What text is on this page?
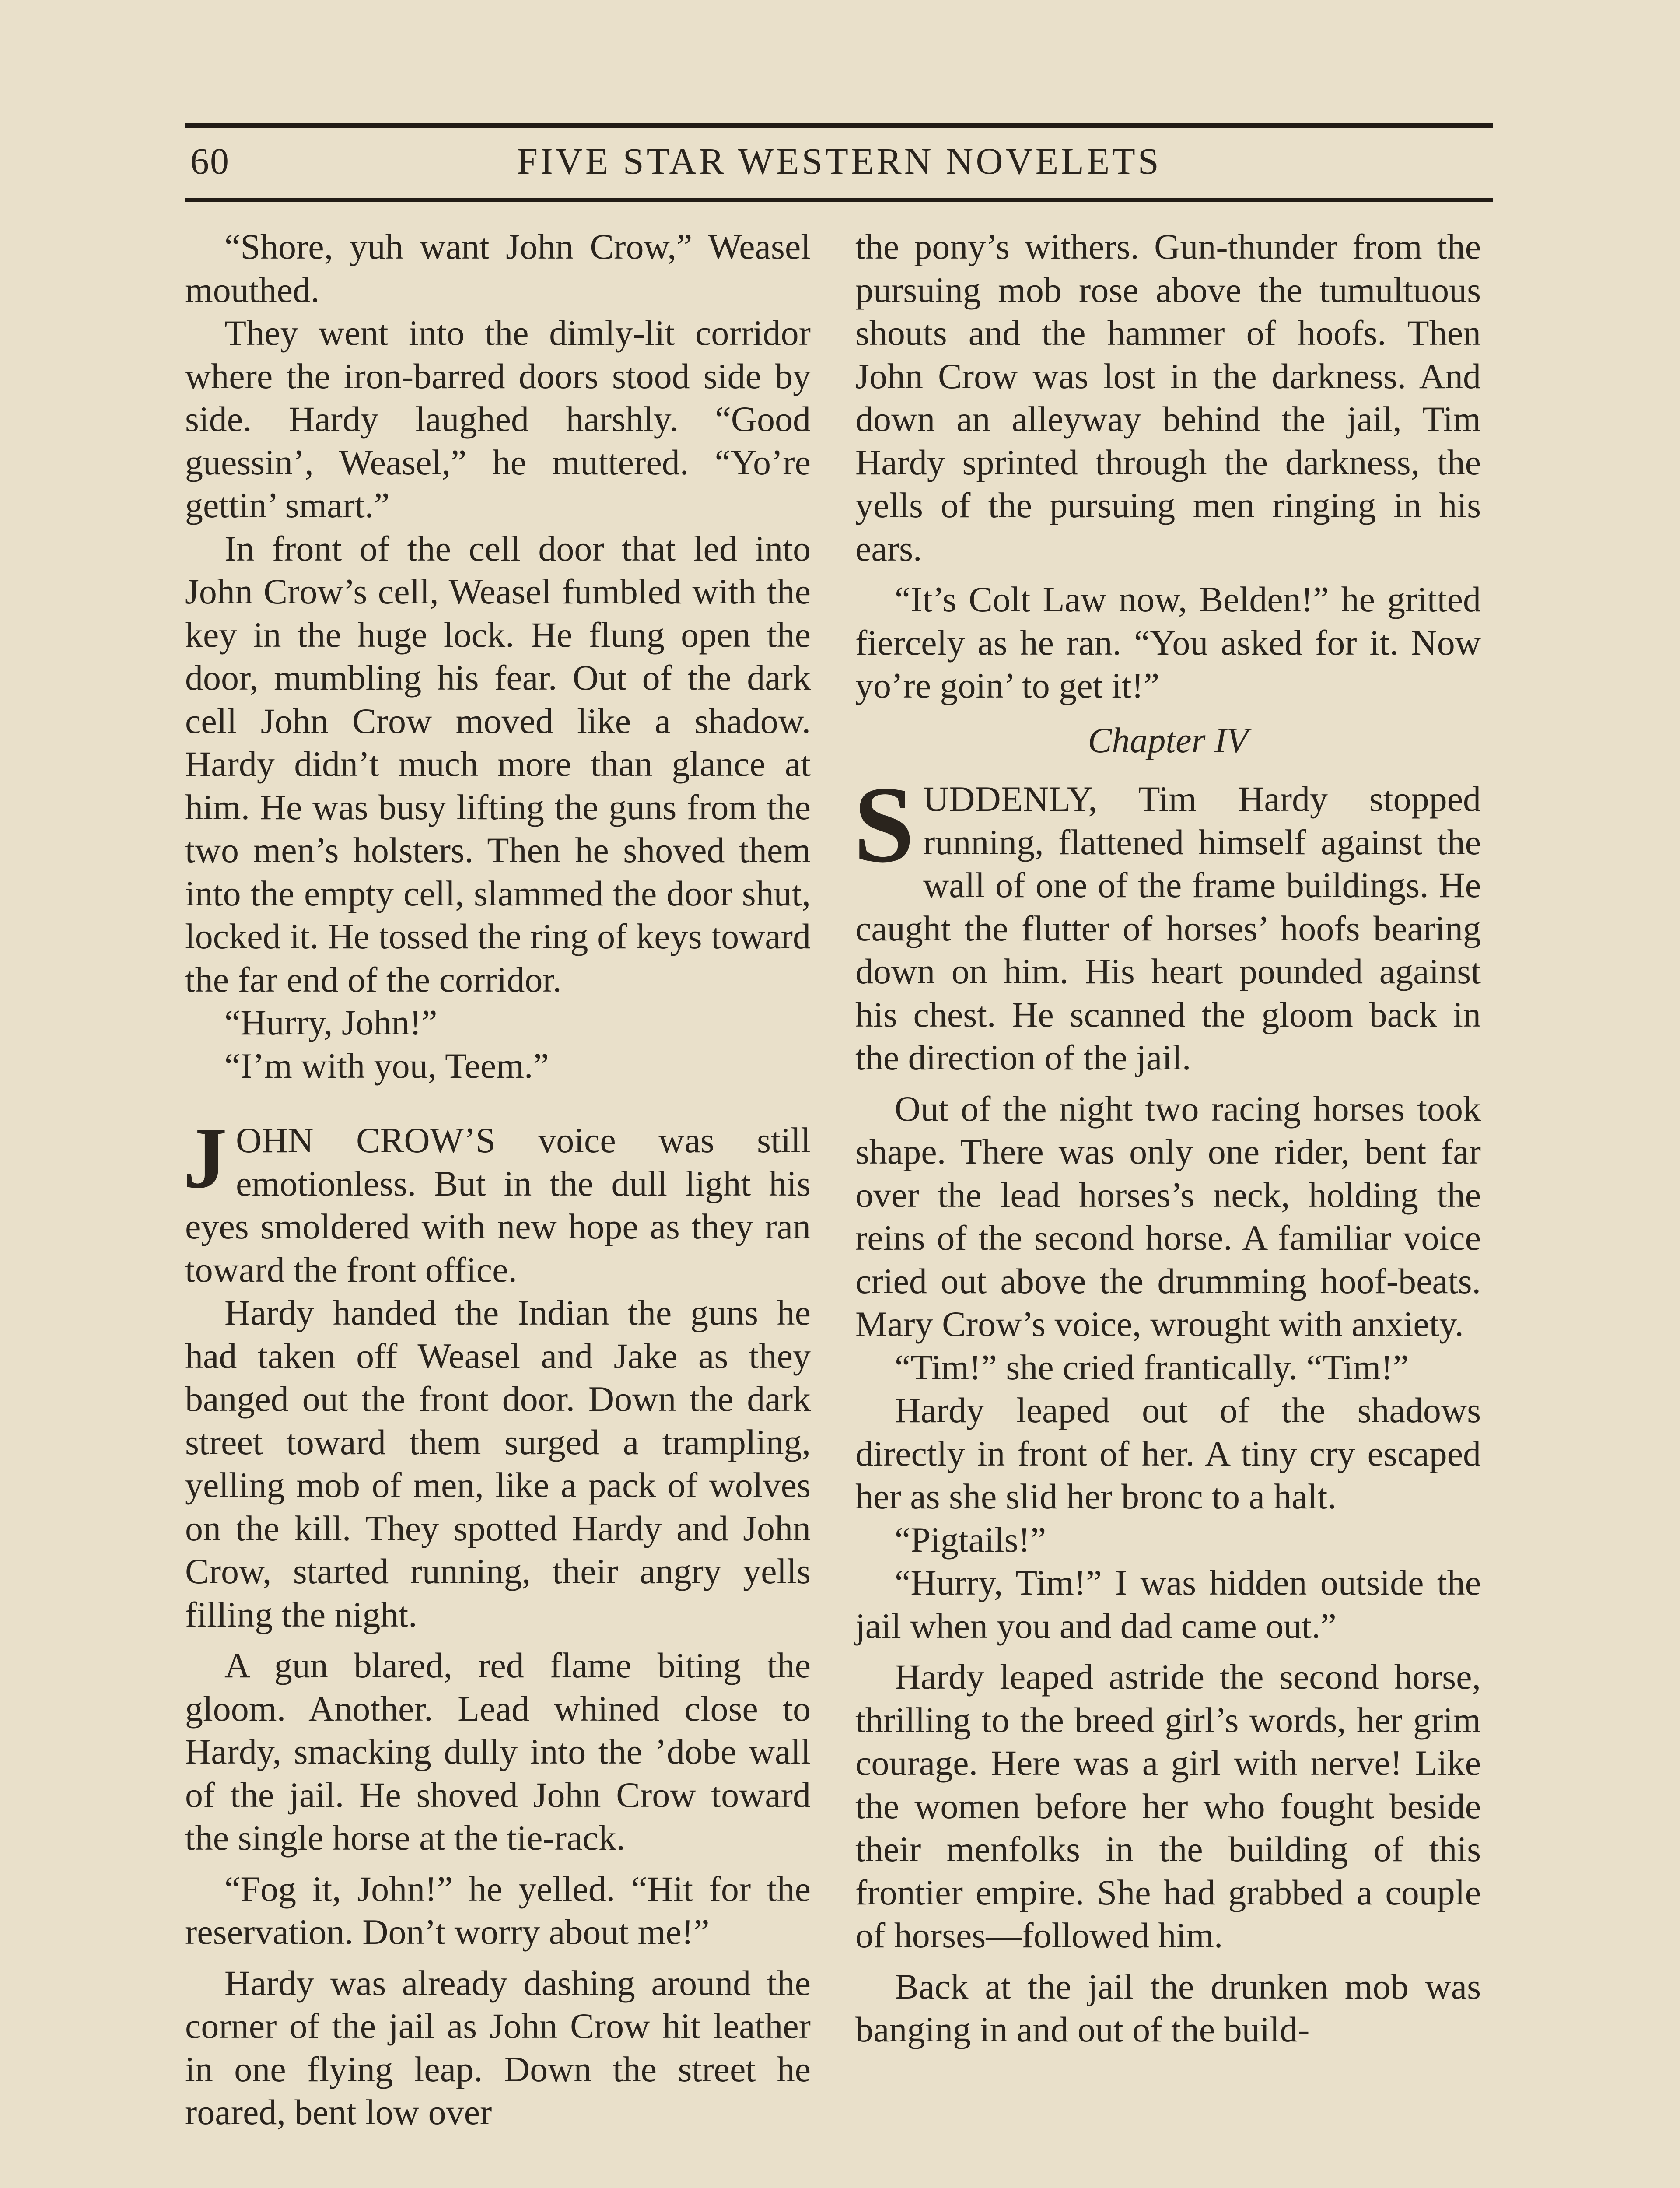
60	FIVE STAR WESTERN NOVELETS

“Shore, yuh want John Crow,” Weasel mouthed.

They went into the dimly-lit corridor where the iron-barred doors stood side by side. Hardy laughed harshly. “Good guessin’, Weasel,” he muttered. “Yo’re gettin’ smart.”

In front of the cell door that led into John Crow’s cell, Weasel fumbled with the key in the huge lock. He flung open the door, mumbling his fear. Out of the dark cell John Crow moved like a shadow. Hardy didn’t much more than glance at him. He was busy lifting the guns from the two men’s holsters. Then he shoved them into the empty cell, slammed the door shut, locked it. He tossed the ring of keys toward the far end of the corridor.

“Hurry, John!”

“I’m with you, Teem.”

JOHN CROW’S voice was still emotionless. But in the dull light his eyes smoldered with new hope as they ran toward the front office.

Hardy handed the Indian the guns he had taken off Weasel and Jake as they banged out the front door. Down the dark street toward them surged a trampling, yelling mob of men, like a pack of wolves on the kill. They spotted Hardy and John Crow, started running, their angry yells filling the night.

A gun blared, red flame biting the gloom. Another. Lead whined close to Hardy, smacking dully into the ’dobe wall of the jail. He shoved John Crow toward the single horse at the tie-rack.

“Fog it, John!” he yelled. “Hit for the reservation. Don’t worry about me!”

Hardy was already dashing around the corner of the jail as John Crow hit leather in one flying leap. Down the street he roared, bent low over

the pony’s withers. Gun-thunder from the pursuing mob rose above the tumultuous shouts and the hammer of hoofs. Then John Crow was lost in the darkness. And down an alleyway behind the jail, Tim Hardy sprinted through the darkness, the yells of the pursuing men ringing in his ears.

“It’s Colt Law now, Belden!” he gritted fiercely as he ran. “You asked for it. Now yo’re goin’ to get it!”

Chapter IV

SUDDENLY, Tim Hardy stopped running, flattened himself against the wall of one of the frame buildings. He caught the flutter of horses’ hoofs bearing down on him. His heart pounded against his chest. He scanned the gloom back in the direction of the jail.

Out of the night two racing horses took shape. There was only one rider, bent far over the lead horses’s neck, holding the reins of the second horse. A familiar voice cried out above the drumming hoof-beats. Mary Crow’s voice, wrought with anxiety.

“Tim!” she cried frantically. “Tim!”

Hardy leaped out of the shadows directly in front of her. A tiny cry escaped her as she slid her bronc to a halt.

“Pigtails!”

“Hurry, Tim!” I was hidden outside the jail when you and dad came out.”

Hardy leaped astride the second horse, thrilling to the breed girl’s words, her grim courage. Here was a girl with nerve! Like the women before her who fought beside their menfolks in the building of this frontier empire. She had grabbed a couple of horses—followed him.

Back at the jail the drunken mob was banging in and out of the build-
